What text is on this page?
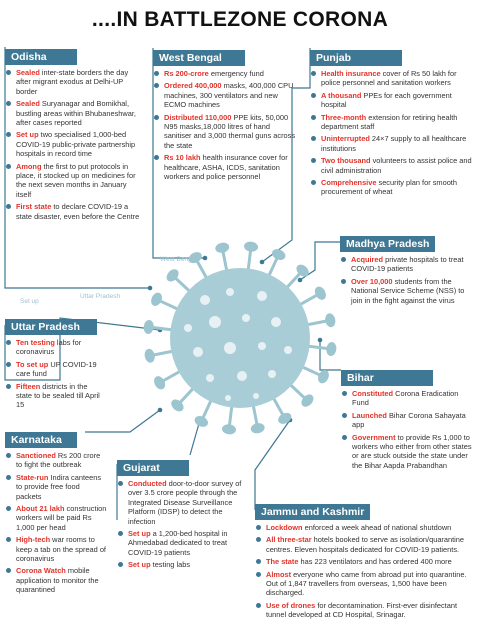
West Bengal
Set up
Uttar Pradesh
....IN BATTLEZONE CORONA
Odisha
Sealed inter-state borders the day after migrant exodus at Delhi-UP border
Sealed Suryanagar and Bomikhal, bustling areas within Bhubaneshwar, after cases reported
Set up two specialised 1,000-bed COVID-19 public-private partnership hospitals in record time
Among the first to put protocols in place, it stocked up on medicines for the next seven months in January itself
First state to declare COVID-19 a state disaster, even before the Centre
West Bengal
Rs 200-crore emergency fund
Ordered 400,000 masks, 400,000 CPU machines, 300 ventilators and new ECMO machines
Distributed 110,000 PPE kits, 50,000 N95 masks,18,000 litres of hand sanitiser and 3,000 thermal guns across the state
Rs 10 lakh health insurance cover for healthcare, ASHA, ICDS, sanitation workers and police personnel
Punjab
Health insurance cover of Rs 50 lakh for police personnel and sanitation workers
A thousand PPEs for each government hospital
Three-month extension for retiring health department staff
Uninterrupted 24×7 supply to all healthcare institutions
Two thousand volunteers to assist police and civil administration
Comprehensive security plan for smooth procurement of wheat
Madhya Pradesh
Acquired private hospitals to treat COVID-19 patients
Over 10,000 students from the National Service Scheme (NSS) to join in the fight against the virus
Uttar Pradesh
Ten testing labs for coronavirus
To set up UP COVID-19 care fund
Fifteen districts in the state to be sealed till April 15
Bihar
Constituted Corona Eradication Fund
Launched Bihar Corona Sahayata app
Government to provide Rs 1,000 to workers who either from other states or are stuck outside the state under the Bihar Aapda Prabandhan
Karnataka
Sanctioned Rs 200 crore to fight the outbreak
State-run Indira canteens to provide free food packets
About 21 lakh construction workers will be paid Rs 1,000 per head
High-tech war rooms to keep a tab on the spread of coronavirus
Corona Watch mobile application to monitor the quarantined
Gujarat
Conducted door-to-door survey of over 3.5 crore people through the Integrated Disease Surveillance Platform (IDSP) to detect the infection
Set up a 1,200-bed hospital in Ahmedabad dedicated to treat COVID-19 patients
Set up testing labs
Jammu and Kashmir
Lockdown enforced a week ahead of national shutdown
All three-star hotels booked to serve as isolation/quarantine centres. Eleven hospitals dedicated for COVID-19 patients.
The state has 223 ventilators and has ordered 400 more
Almost everyone who came from abroad put into quarantine. Out of 1,847 travellers from overseas, 1,500 have been discharged.
Use of drones for decontamination. First-ever disinfectant tunnel developed at CD Hospital, Srinagar.
